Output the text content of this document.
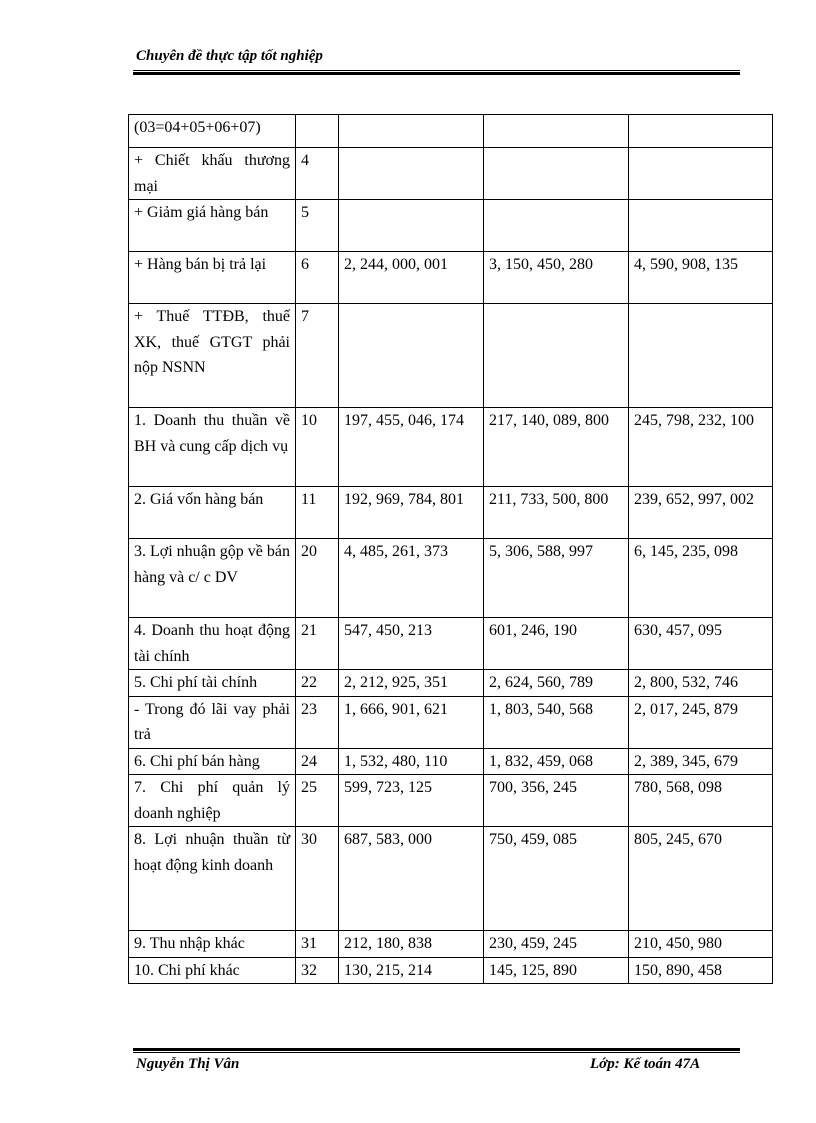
Chuyên đề thực tập tốt nghiệp
(03=04+05+06+07)				
+ Chiết khấu thương mại	4			
+ Giảm giá hàng bán	5			
+ Hàng bán bị trả lại	6	2, 244, 000, 001	3, 150, 450, 280	4, 590, 908, 135
+ Thuế TTĐB, thuế XK, thuế GTGT phải nộp NSNN	7			
1. Doanh thu thuần về BH và cung cấp dịch vụ	10	197, 455, 046, 174	217, 140, 089, 800	245, 798, 232, 100
2. Giá vốn hàng bán	11	192, 969, 784, 801	211, 733, 500, 800	239, 652, 997, 002
3. Lợi nhuận gộp về bán hàng và c/ c DV	20	4, 485, 261, 373	5, 306, 588, 997	6, 145, 235, 098
4. Doanh thu hoạt động tài chính	21	547, 450, 213	601, 246, 190	630, 457, 095
5. Chi phí tài chính	22	2, 212, 925, 351	2, 624, 560, 789	2, 800, 532, 746
- Trong đó lãi vay phải trả	23	1, 666, 901, 621	1, 803, 540, 568	2, 017, 245, 879
6. Chi phí bán hàng	24	1, 532, 480, 110	1, 832, 459, 068	2, 389, 345, 679
7. Chi phí quản lý doanh nghiệp	25	599, 723, 125	700, 356, 245	780, 568, 098
8. Lợi nhuận thuần từ hoạt động kinh doanh	30	687, 583, 000	750, 459, 085	805, 245, 670
9. Thu nhập khác	31	212, 180, 838	230, 459, 245	210, 450, 980
10. Chi phí khác	32	130, 215, 214	145, 125, 890	150, 890, 458
Nguyễn Thị Vân	Lớp: Kế toán 47A
